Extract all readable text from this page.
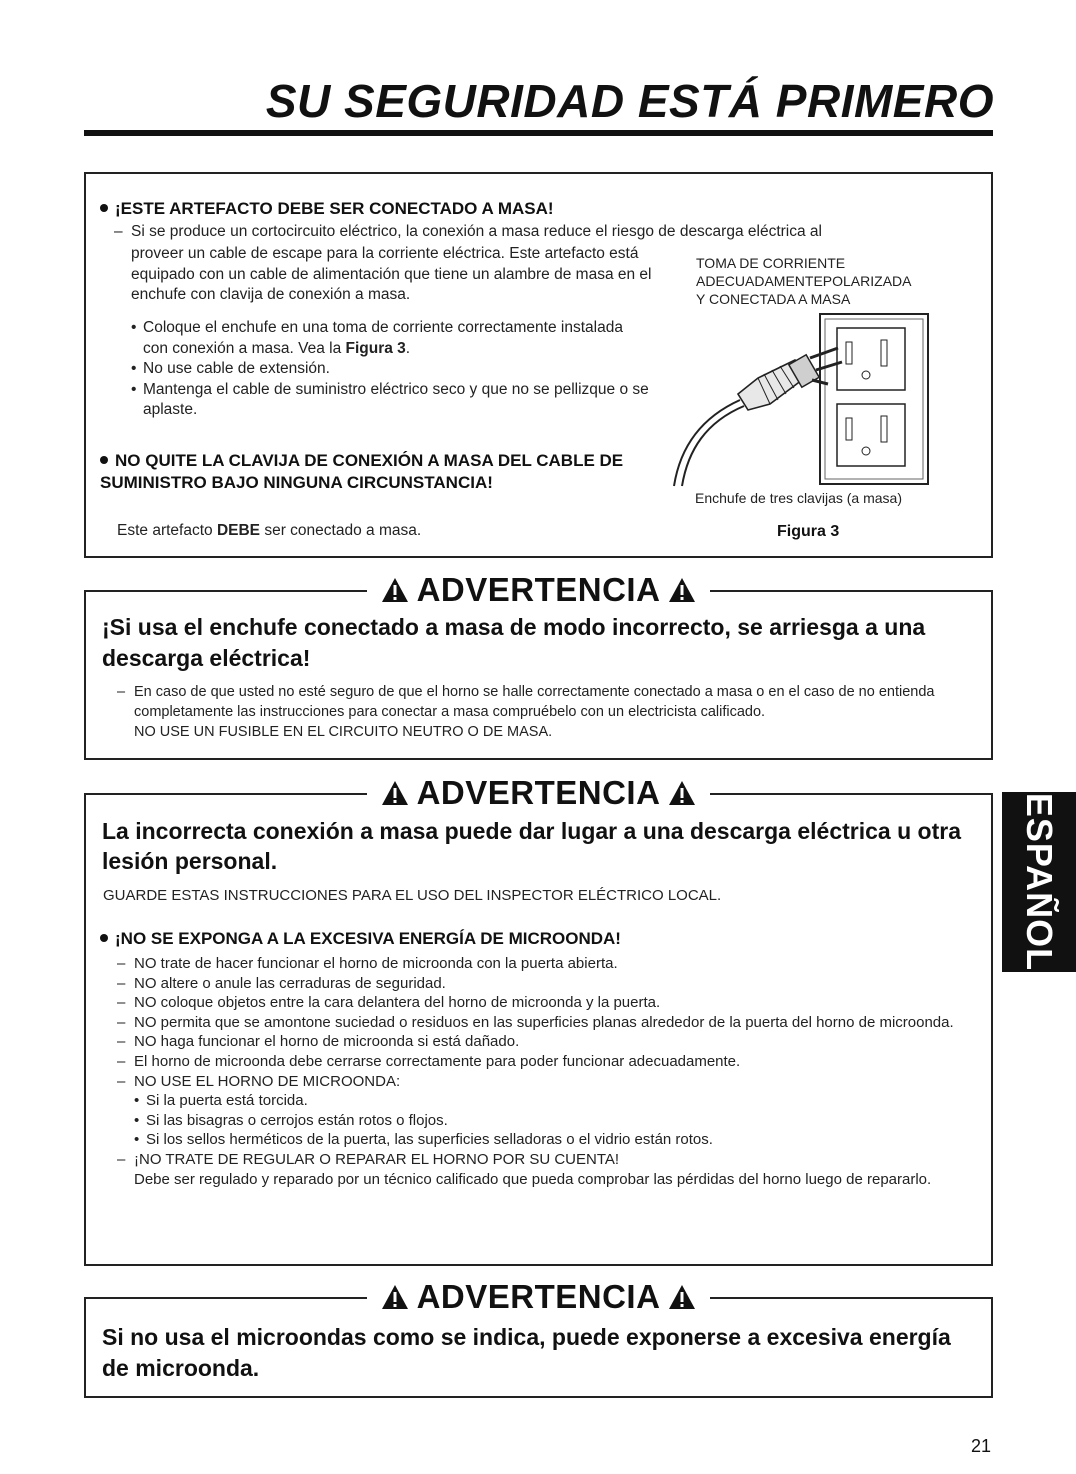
SU SEGURIDAD ESTÁ PRIMERO

¡ESTE ARTEFACTO DEBE SER CONECTADO A MASA!

– Si se produce un cortocircuito eléctrico, la conexión a masa reduce el riesgo de descarga eléctrica al

proveer un cable de escape para la corriente eléctrica. Este artefacto está equipado con un cable de alimentación que tiene un alambre de masa en el enchufe con clavija de conexión a masa.

• Coloque el enchufe en una toma de corriente correctamente instalada con conexión a masa. Vea la Figura 3.
• No use cable de extensión.
• Mantenga el cable de suministro eléctrico seco y que no se pellizque o se aplaste.

NO QUITE LA CLAVIJA DE CONEXIÓN A MASA DEL CABLE DE SUMINISTRO BAJO NINGUNA CIRCUNSTANCIA!

Este artefacto DEBE ser conectado a masa.

TOMA DE CORRIENTE
ADECUADAMENTEPOLARIZADA
Y CONECTADA A MASA
Enchufe de tres clavijas (a masa)
Figura 3
ADVERTENCIA

¡Si usa el enchufe conectado a masa de modo incorrecto, se arriesga a una descarga eléctrica!

– En caso de que usted no esté seguro de que el horno se halle correctamente conectado a masa o en el caso de no entienda completamente las instrucciones para conectar a masa compruébelo con un electricista calificado.
NO USE UN FUSIBLE EN EL CIRCUITO NEUTRO O DE MASA.
ADVERTENCIA

La incorrecta conexión a masa puede dar lugar a una descarga eléctrica u otra lesión personal.

GUARDE ESTAS INSTRUCCIONES PARA EL USO DEL INSPECTOR ELÉCTRICO LOCAL.

¡NO SE EXPONGA A LA EXCESIVA ENERGÍA DE MICROONDA!

– NO trate de hacer funcionar el horno de microonda con la puerta abierta.
– NO altere o anule las cerraduras de seguridad.
– NO coloque objetos entre la cara delantera del horno de microonda y la puerta.
– NO permita que se amontone suciedad o residuos en las superficies planas alrededor de la puerta del horno de microonda.
– NO haga funcionar el horno de microonda si está dañado.
– El horno de microonda debe cerrarse correctamente para poder funcionar adecuadamente.
– NO USE EL HORNO DE MICROONDA:
• Si la puerta está torcida.
• Si las bisagras o cerrojos están rotos o flojos.
• Si los sellos herméticos de la puerta, las superficies selladoras o el vidrio están rotos.
– ¡NO TRATE DE REGULAR O REPARAR EL HORNO POR SU CUENTA!
Debe ser regulado y reparado por un técnico calificado que pueda comprobar las pérdidas del horno luego de repararlo.
ADVERTENCIA

Si no usa el microondas como se indica, puede exponerse a excesiva energía de microonda.

ESPAÑOL
21
